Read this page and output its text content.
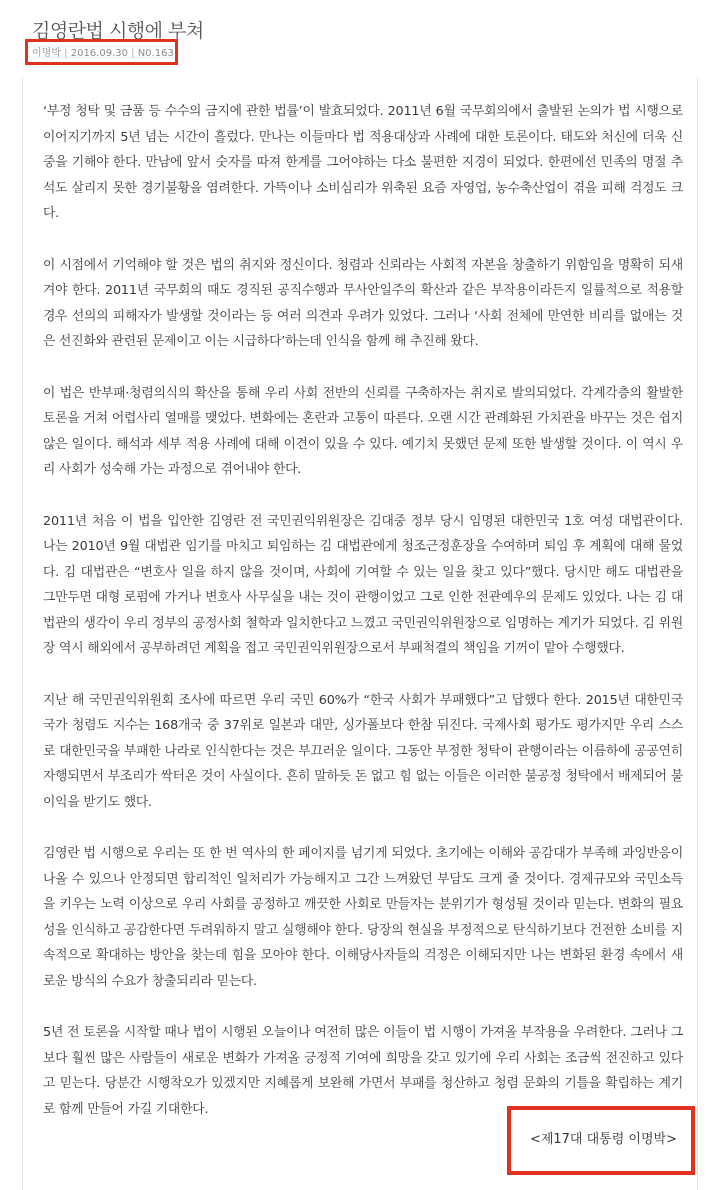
김영란법 시행에 부쳐
이명박 | 2016.09.30 | N0.163

‘부정 청탁 및 금품 등 수수의 금지에 관한 법률’이 발효되었다. 2011년 6월 국무회의에서 출발된 논의가 법 시행으로 이어지기까지 5년 넘는 시간이 흘렀다. 만나는 이들마다 법 적용대상과 사례에 대한 토론이다. 태도와 처신에 더욱 신중을 기해야 한다. 만남에 앞서 숫자를 따져 한계를 그어야하는 다소 불편한 지경이 되었다. 한편에선 민족의 명절 추석도 살리지 못한 경기불황을 염려한다. 가뜩이나 소비심리가 위축된 요즘 자영업, 농수축산업이 겪을 피해 걱정도 크다.

이 시점에서 기억해야 할 것은 법의 취지와 정신이다. 청렴과 신뢰라는 사회적 자본을 창출하기 위함임을 명확히 되새겨야 한다. 2011년 국무회의 때도 경직된 공직수행과 무사안일주의 확산과 같은 부작용이라든지 일률적으로 적용할 경우 선의의 피해자가 발생할 것이라는 등 여러 의견과 우려가 있었다. 그러나 ‘사회 전체에 만연한 비리를 없애는 것은 선진화와 관련된 문제이고 이는 시급하다’하는데 인식을 함께 해 추진해 왔다.

이 법은 반부패·청렴의식의 확산을 통해 우리 사회 전반의 신뢰를 구축하자는 취지로 발의되었다. 각계각층의 활발한 토론을 거쳐 어렵사리 열매를 맺었다. 변화에는 혼란과 고통이 따른다. 오랜 시간 관례화된 가치관을 바꾸는 것은 쉽지 않은 일이다. 해석과 세부 적용 사례에 대해 이견이 있을 수 있다. 예기치 못했던 문제 또한 발생할 것이다. 이 역시 우리 사회가 성숙해 가는 과정으로 겪어내야 한다.

2011년 처음 이 법을 입안한 김영란 전 국민권익위원장은 김대중 정부 당시 임명된 대한민국 1호 여성 대법관이다. 나는 2010년 9월 대법관 임기를 마치고 퇴임하는 김 대법관에게 청조근정훈장을 수여하며 퇴임 후 계획에 대해 물었다. 김 대법관은 “변호사 일을 하지 않을 것이며, 사회에 기여할 수 있는 일을 찾고 있다”했다. 당시만 해도 대법관을 그만두면 대형 로펌에 가거나 변호사 사무실을 내는 것이 관행이었고 그로 인한 전관예우의 문제도 있었다. 나는 김 대법관의 생각이 우리 정부의 공정사회 철학과 일치한다고 느꼈고 국민권익위원장으로 임명하는 계기가 되었다. 김 위원장 역시 해외에서 공부하려던 계획을 접고 국민권익위원장으로서 부패척결의 책임을 기꺼이 맡아 수행했다.

지난 해 국민권익위원회 조사에 따르면 우리 국민 60%가 “한국 사회가 부패했다”고 답했다 한다. 2015년 대한민국 국가 청렴도 지수는 168개국 중 37위로 일본과 대만, 싱가폴보다 한참 뒤진다. 국제사회 평가도 평가지만 우리 스스로 대한민국을 부패한 나라로 인식한다는 것은 부끄러운 일이다. 그동안 부정한 청탁이 관행이라는 이름하에 공공연히 자행되면서 부조리가 싹터온 것이 사실이다. 흔히 말하듯 돈 없고 힘 없는 이들은 이러한 불공정 청탁에서 배제되어 불이익을 받기도 했다.

김영란 법 시행으로 우리는 또 한 번 역사의 한 페이지를 넘기게 되었다. 초기에는 이해와 공감대가 부족해 과잉반응이 나올 수 있으나 안정되면 합리적인 일처리가 가능해지고 그간 느껴왔던 부담도 크게 줄 것이다. 경제규모와 국민소득을 키우는 노력 이상으로 우리 사회를 공정하고 깨끗한 사회로 만들자는 분위기가 형성될 것이라 믿는다. 변화의 필요성을 인식하고 공감한다면 두려워하지 말고 실행해야 한다. 당장의 현실을 부정적으로 탄식하기보다 건전한 소비를 지속적으로 확대하는 방안을 찾는데 힘을 모아야 한다. 이해당사자들의 걱정은 이해되지만 나는 변화된 환경 속에서 새로운 방식의 수요가 창출되리라 믿는다.

5년 전 토론을 시작할 때나 법이 시행된 오늘이나 여전히 많은 이들이 법 시행이 가져올 부작용을 우려한다. 그러나 그보다 훨씬 많은 사람들이 새로운 변화가 가져올 긍정적 기여에 희망을 갖고 있기에 우리 사회는 조금씩 전진하고 있다고 믿는다. 당분간 시행착오가 있겠지만 지혜롭게 보완해 가면서 부패를 청산하고 청렴 문화의 기틀을 확립하는 계기로 함께 만들어 가길 기대한다.

<제17대 대통령 이명박>
